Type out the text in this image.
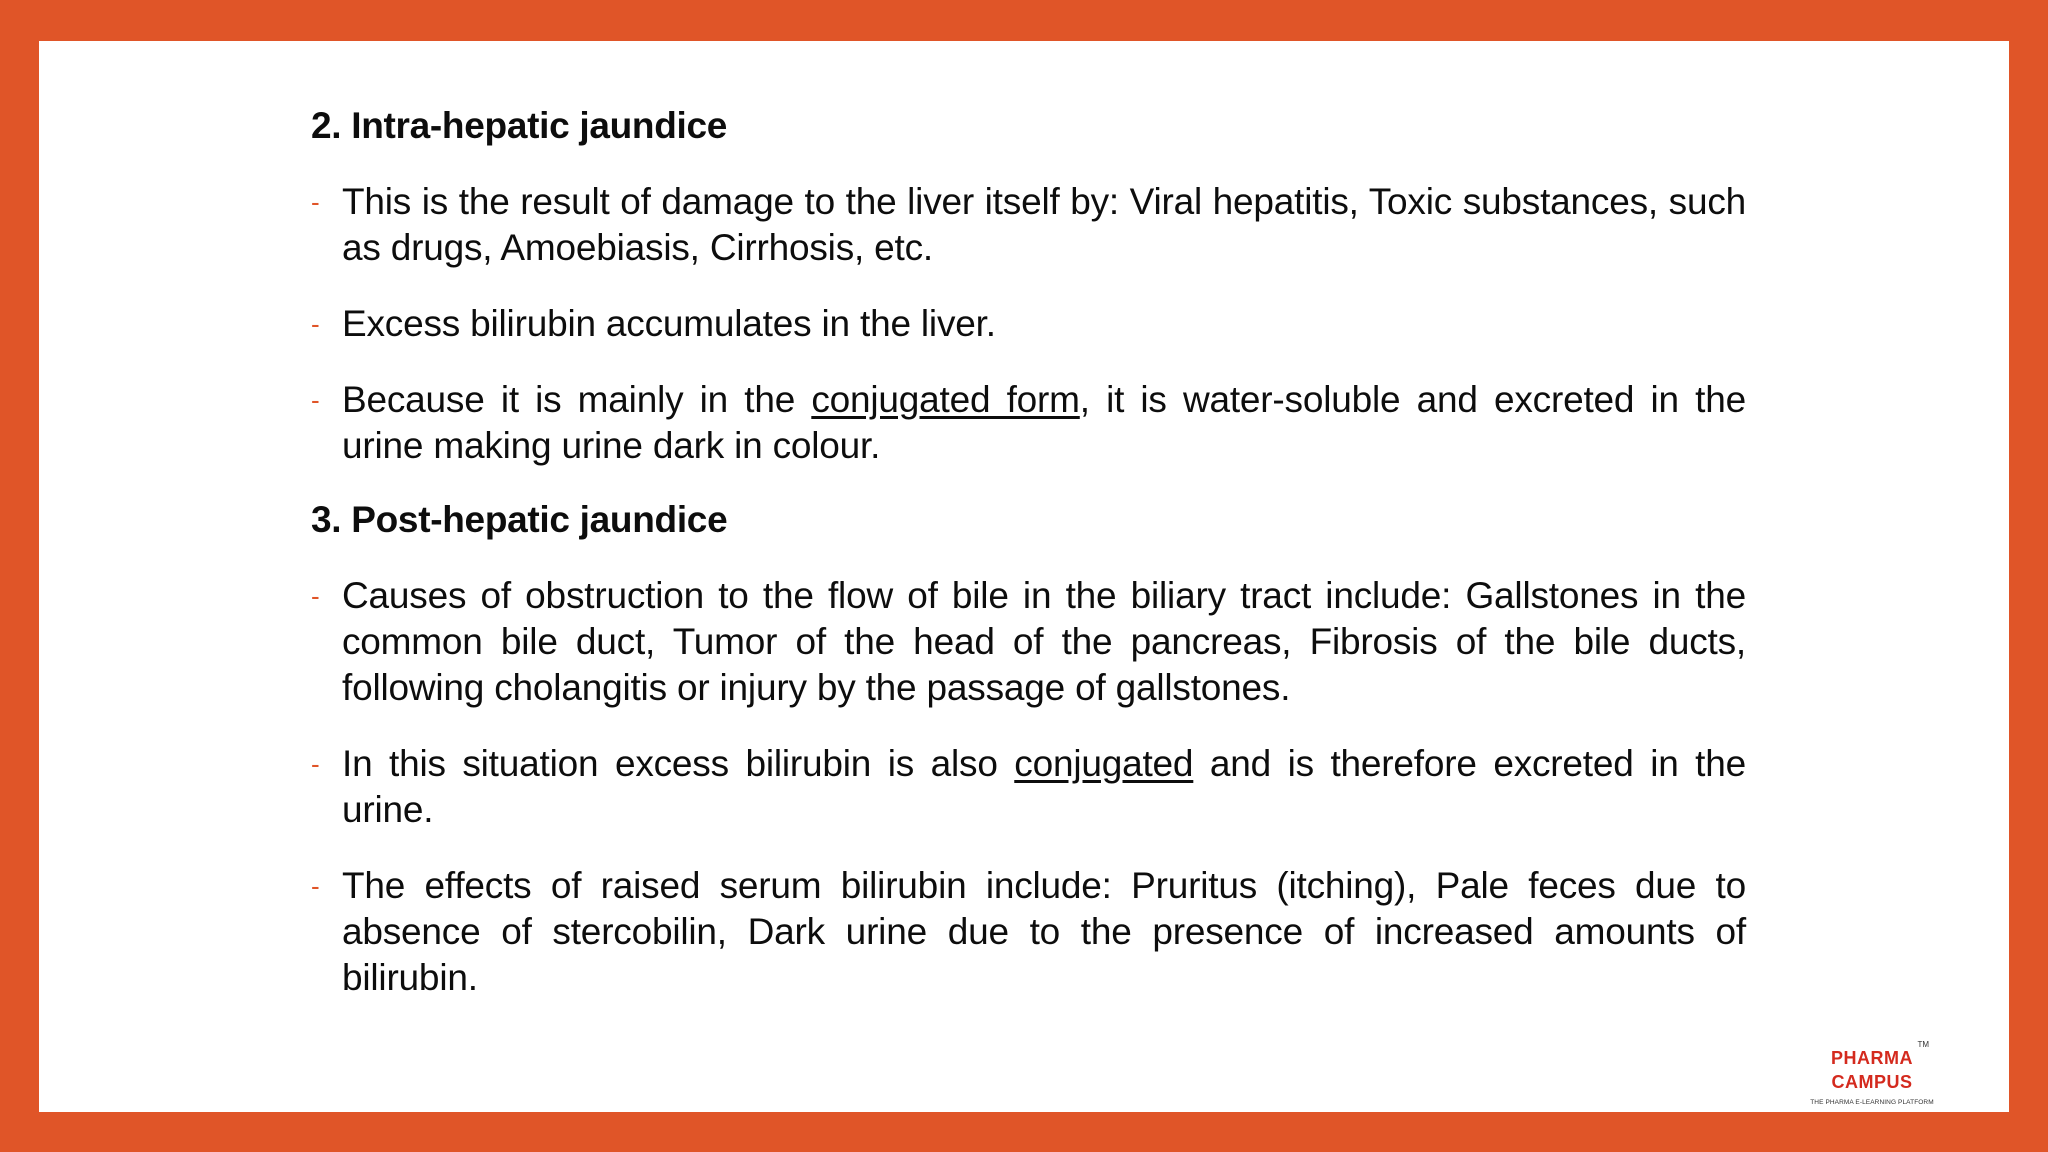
2. Intra-hepatic jaundice
- This is the result of damage to the liver itself by: Viral hepatitis, Toxic substances, such as drugs, Amoebiasis, Cirrhosis, etc.
- Excess bilirubin accumulates in the liver.
- Because it is mainly in the conjugated form, it is water-soluble and excreted in the urine making urine dark in colour.
3. Post-hepatic jaundice
- Causes of obstruction to the flow of bile in the biliary tract include: Gallstones in the common bile duct, Tumor of the head of the pancreas, Fibrosis of the bile ducts, following cholangitis or injury by the passage of gallstones.
- In this situation excess bilirubin is also conjugated and is therefore excreted in the urine.
- The effects of raised serum bilirubin include: Pruritus (itching), Pale feces due to absence of stercobilin, Dark urine due to the presence of increased amounts of bilirubin.
TM
PHARMA
CAMPUS
THE PHARMA E-LEARNING PLATFORM
